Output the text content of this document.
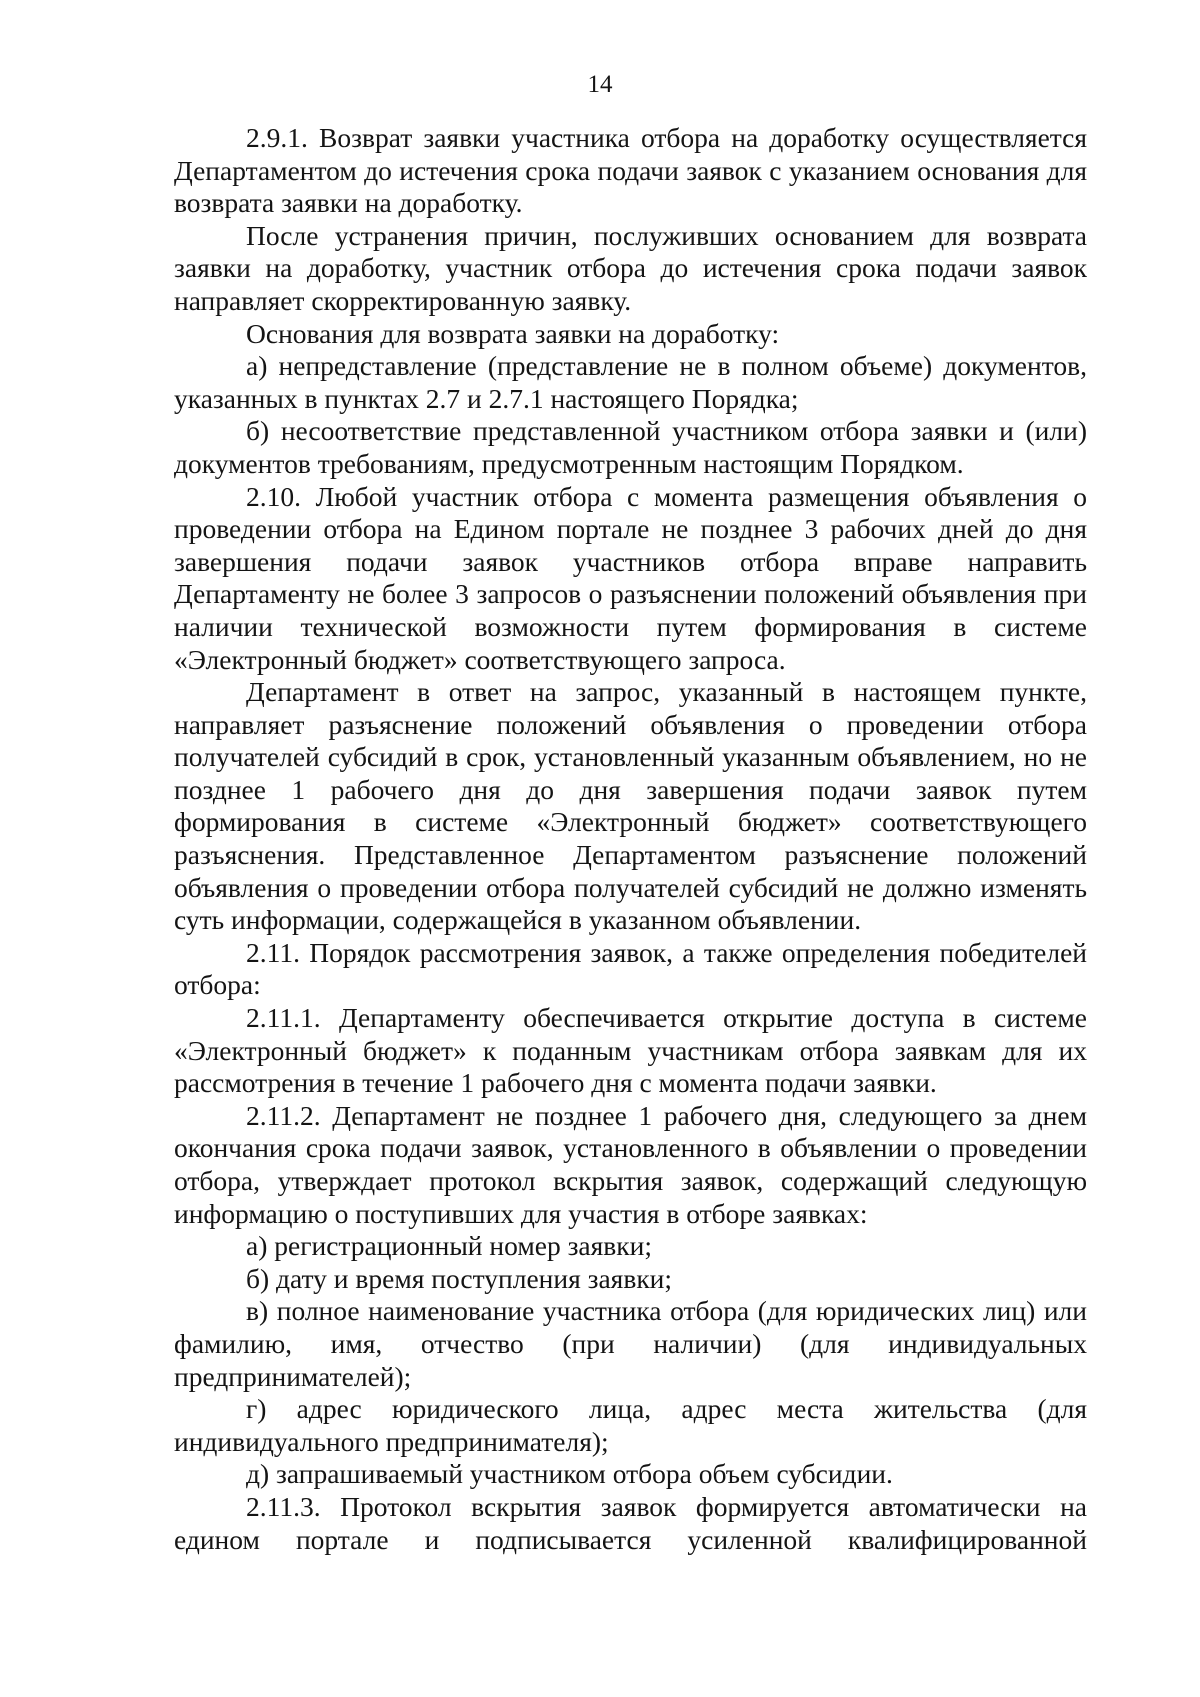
14

2.9.1. Возврат заявки участника отбора на доработку осуществляется Департаментом до истечения срока подачи заявок с указанием основания для возврата заявки на доработку.

После устранения причин, послуживших основанием для возврата заявки на доработку, участник отбора до истечения срока подачи заявок направляет скорректированную заявку.

Основания для возврата заявки на доработку:

а) непредставление (представление не в полном объеме) документов, указанных в пунктах 2.7 и 2.7.1 настоящего Порядка;

б) несоответствие представленной участником отбора заявки и (или) документов требованиям, предусмотренным настоящим Порядком.

2.10. Любой участник отбора с момента размещения объявления о проведении отбора на Едином портале не позднее 3 рабочих дней до дня завершения подачи заявок участников отбора вправе направить Департаменту не более 3 запросов о разъяснении положений объявления при наличии технической возможности путем формирования в системе «Электронный бюджет» соответствующего запроса.

Департамент в ответ на запрос, указанный в настоящем пункте, направляет разъяснение положений объявления о проведении отбора получателей субсидий в срок, установленный указанным объявлением, но не позднее 1 рабочего дня до дня завершения подачи заявок путем формирования в системе «Электронный бюджет» соответствующего разъяснения. Представленное Департаментом разъяснение положений объявления о проведении отбора получателей субсидий не должно изменять суть информации, содержащейся в указанном объявлении.

2.11. Порядок рассмотрения заявок, а также определения победителей отбора:

2.11.1. Департаменту обеспечивается открытие доступа в системе «Электронный бюджет» к поданным участникам отбора заявкам для их рассмотрения в течение 1 рабочего дня с момента подачи заявки.

2.11.2. Департамент не позднее 1 рабочего дня, следующего за днем окончания срока подачи заявок, установленного в объявлении о проведении отбора, утверждает протокол вскрытия заявок, содержащий следующую информацию о поступивших для участия в отборе заявках:

а) регистрационный номер заявки;

б) дату и время поступления заявки;

в) полное наименование участника отбора (для юридических лиц) или фамилию, имя, отчество (при наличии) (для индивидуальных предпринимателей);

г) адрес юридического лица, адрес места жительства (для индивидуального предпринимателя);

д) запрашиваемый участником отбора объем субсидии.

2.11.3. Протокол вскрытия заявок формируется автоматически на едином портале и подписывается усиленной квалифицированной
